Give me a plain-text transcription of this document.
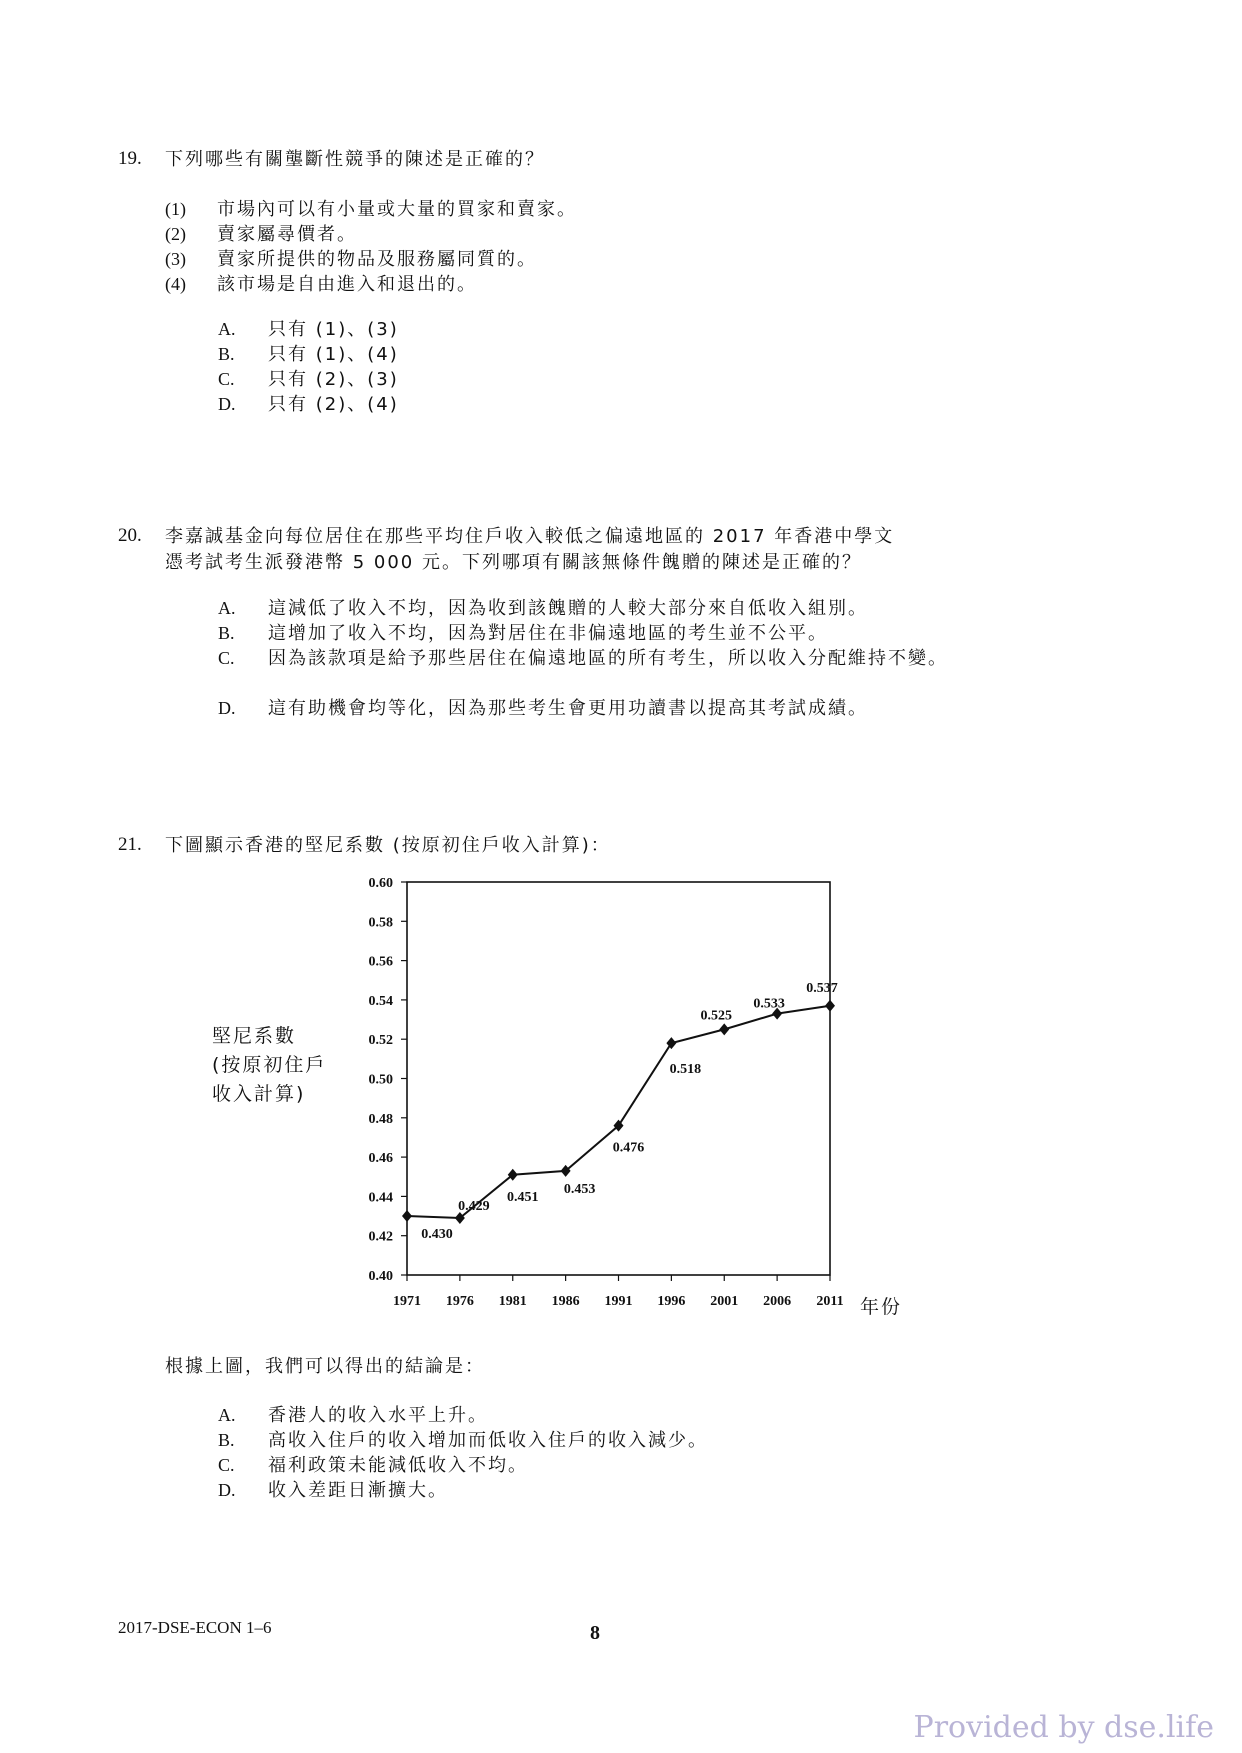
19. 下列哪些有關壟斷性競爭的陳述是正確的？
(1) 市場內可以有小量或大量的買家和賣家。
(2) 賣家屬尋價者。
(3) 賣家所提供的物品及服務屬同質的。
(4) 該市場是自由進入和退出的。
A. 只有 (1)、(3)
B. 只有 (1)、(4)
C. 只有 (2)、(3)
D. 只有 (2)、(4)
20. 李嘉誠基金向每位居住在那些平均住戶收入較低之偏遠地區的 2017 年香港中學文
憑考試考生派發港幣 5 000 元。下列哪項有關該無條件餽贈的陳述是正確的？
A. 這減低了收入不均，因為收到該餽贈的人較大部分來自低收入組別。
B. 這增加了收入不均，因為對居住在非偏遠地區的考生並不公平。
C. 因為該款項是給予那些居住在偏遠地區的所有考生，所以收入分配維持不變。
D. 這有助機會均等化，因為那些考生會更用功讀書以提高其考試成績。
21. 下圖顯示香港的堅尼系數 (按原初住戶收入計算)：
堅尼系數
(按原初住戶
收入計算)
0.40
0.42
0.44
0.46
0.48
0.50
0.52
0.54
0.56
0.58
0.60
1971 1976 1981 1986 1991 1996 2001 2006 2011
0.430
0.429
0.451
0.453
0.476
0.518
0.525
0.533
0.537
年份
根據上圖，我們可以得出的結論是：
A. 香港人的收入水平上升。
B. 高收入住戶的收入增加而低收入住戶的收入減少。
C. 福利政策未能減低收入不均。
D. 收入差距日漸擴大。
2017-DSE-ECON 1–6	8
Provided by dse.life
